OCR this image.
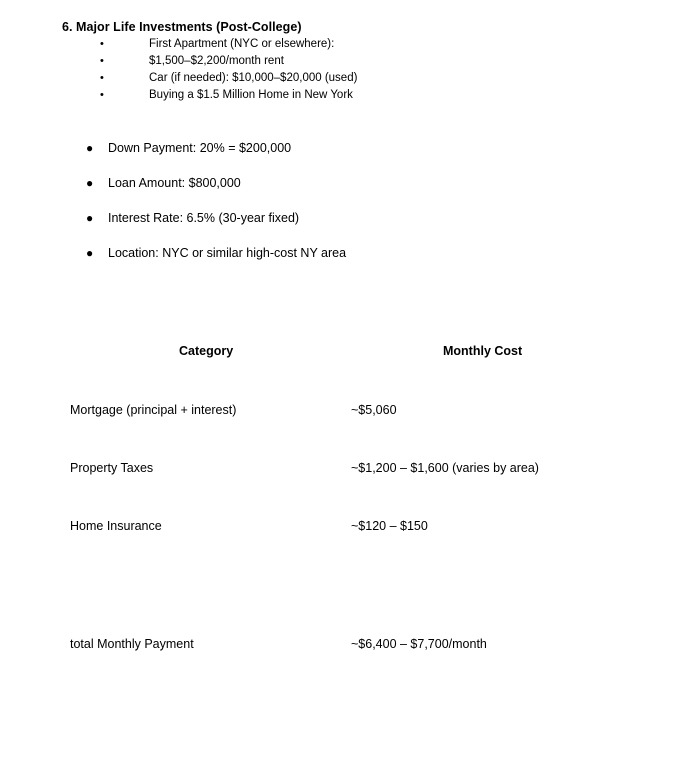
6. Major Life Investments (Post-College)
•	First Apartment (NYC or elsewhere):
•	$1,500–$2,200/month rent
•	Car (if needed): $10,000–$20,000 (used)
•	Buying a $1.5 Million Home in New York
● Down Payment: 20% = $200,000
● Loan Amount: $800,000
● Interest Rate: 6.5% (30-year fixed)
● Location: NYC or similar high-cost NY area
Category	Monthly Cost
Mortgage (principal + interest)	~$5,060
Property Taxes	~$1,200 – $1,600 (varies by area)
Home Insurance	~$120 – $150
total Monthly Payment	~$6,400 – $7,700/month
